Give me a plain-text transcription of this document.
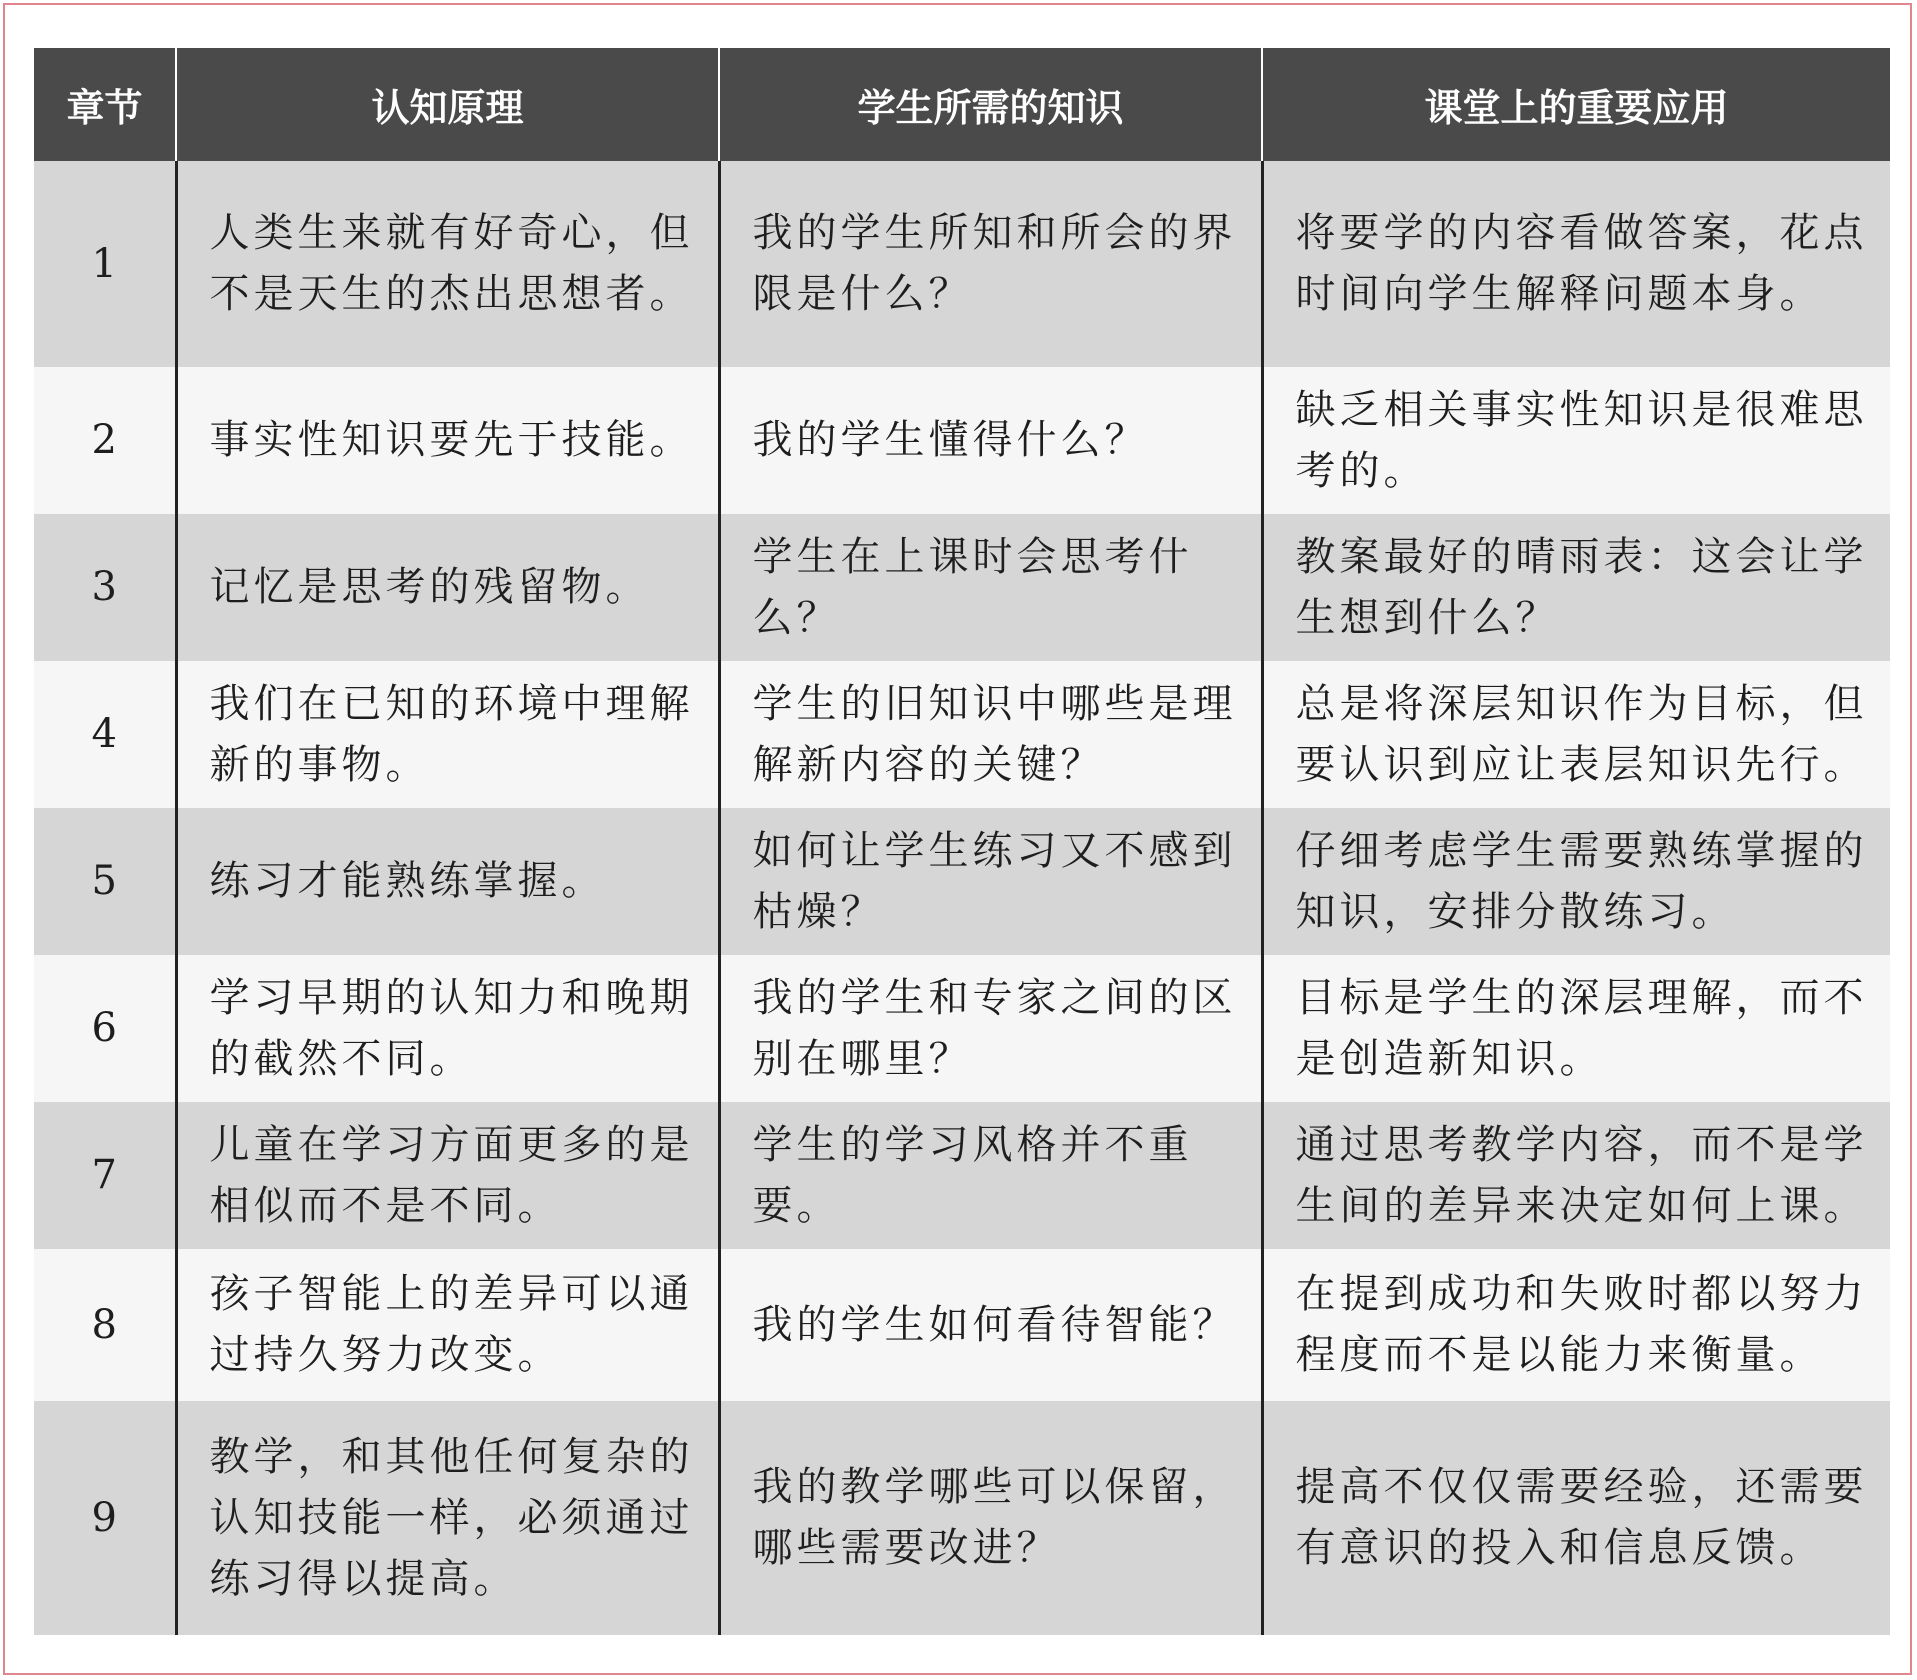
章节	认知原理	学生所需的知识	课堂上的重要应用
1	人类生来就有好奇心，但不是天生的杰出思想者。	我的学生所知和所会的界限是什么？	将要学的内容看做答案，花点时间向学生解释问题本身。
2	事实性知识要先于技能。	我的学生懂得什么？	缺乏相关事实性知识是很难思考的。
3	记忆是思考的残留物。	学生在上课时会思考什么？	教案最好的晴雨表：这会让学生想到什么？
4	我们在已知的环境中理解新的事物。	学生的旧知识中哪些是理解新内容的关键？	总是将深层知识作为目标，但要认识到应让表层知识先行。
5	练习才能熟练掌握。	如何让学生练习又不感到枯燥？	仔细考虑学生需要熟练掌握的知识，安排分散练习。
6	学习早期的认知力和晚期的截然不同。	我的学生和专家之间的区别在哪里？	目标是学生的深层理解，而不是创造新知识。
7	儿童在学习方面更多的是相似而不是不同。	学生的学习风格并不重要。	通过思考教学内容，而不是学生间的差异来决定如何上课。
8	孩子智能上的差异可以通过持久努力改变。	我的学生如何看待智能？	在提到成功和失败时都以努力程度而不是以能力来衡量。
9	教学，和其他任何复杂的认知技能一样，必须通过练习得以提高。	我的教学哪些可以保留，哪些需要改进？	提高不仅仅需要经验，还需要有意识的投入和信息反馈。
